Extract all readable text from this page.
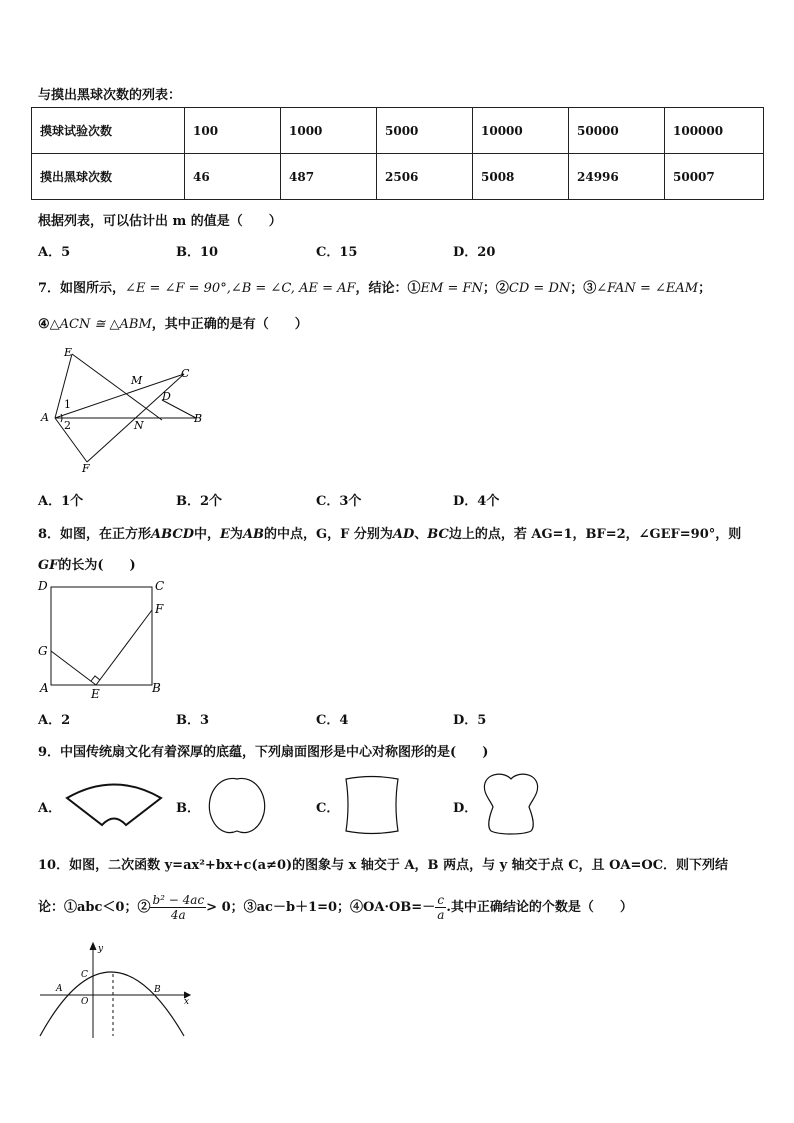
与摸出黑球次数的列表：
摸球试验次数	100	1000	5000	10000	50000	100000
摸出黑球次数	46	487	2506	5008	24996	50007
根据列表，可以估计出 m 的值是（　　）
A．5	B．10	C．15	D．20
7．如图所示，∠E = ∠F = 90°,∠B = ∠C, AE = AF，结论：①EM = FN；②CD = DN；③∠FAN = ∠EAM；
④△ACN ≅ △ABM，其中正确的是有（　　）
E
M
C
D
A	B
N
F
1
2
A．1个	B．2个	C．3个	D．4个
8．如图，在正方形ABCD中，E为AB的中点，G，F 分别为AD、BC边上的点，若 AG=1，BF=2，∠GEF=90°，则
GF的长为(　　)
D	C
F
G
A	E	B
A．2	B．3	C．4	D．5
9．中国传统扇文化有着深厚的底蕴，下列扇面图形是中心对称图形的是(　　)
A．	B．	C．	D．
10．如图，二次函数 y=ax²+bx+c(a≠0)的图象与 x 轴交于 A，B 两点，与 y 轴交于点 C，且 OA=OC．则下列结
论：①abc＜0；② $\frac{\text{b² − 4ac}}{4a} > 0$；③ac－b＋1=0；④OA·OB=－ $\frac{c}{a}$ .其中正确结论的个数是（　　）
y
x
C
A
O
B
